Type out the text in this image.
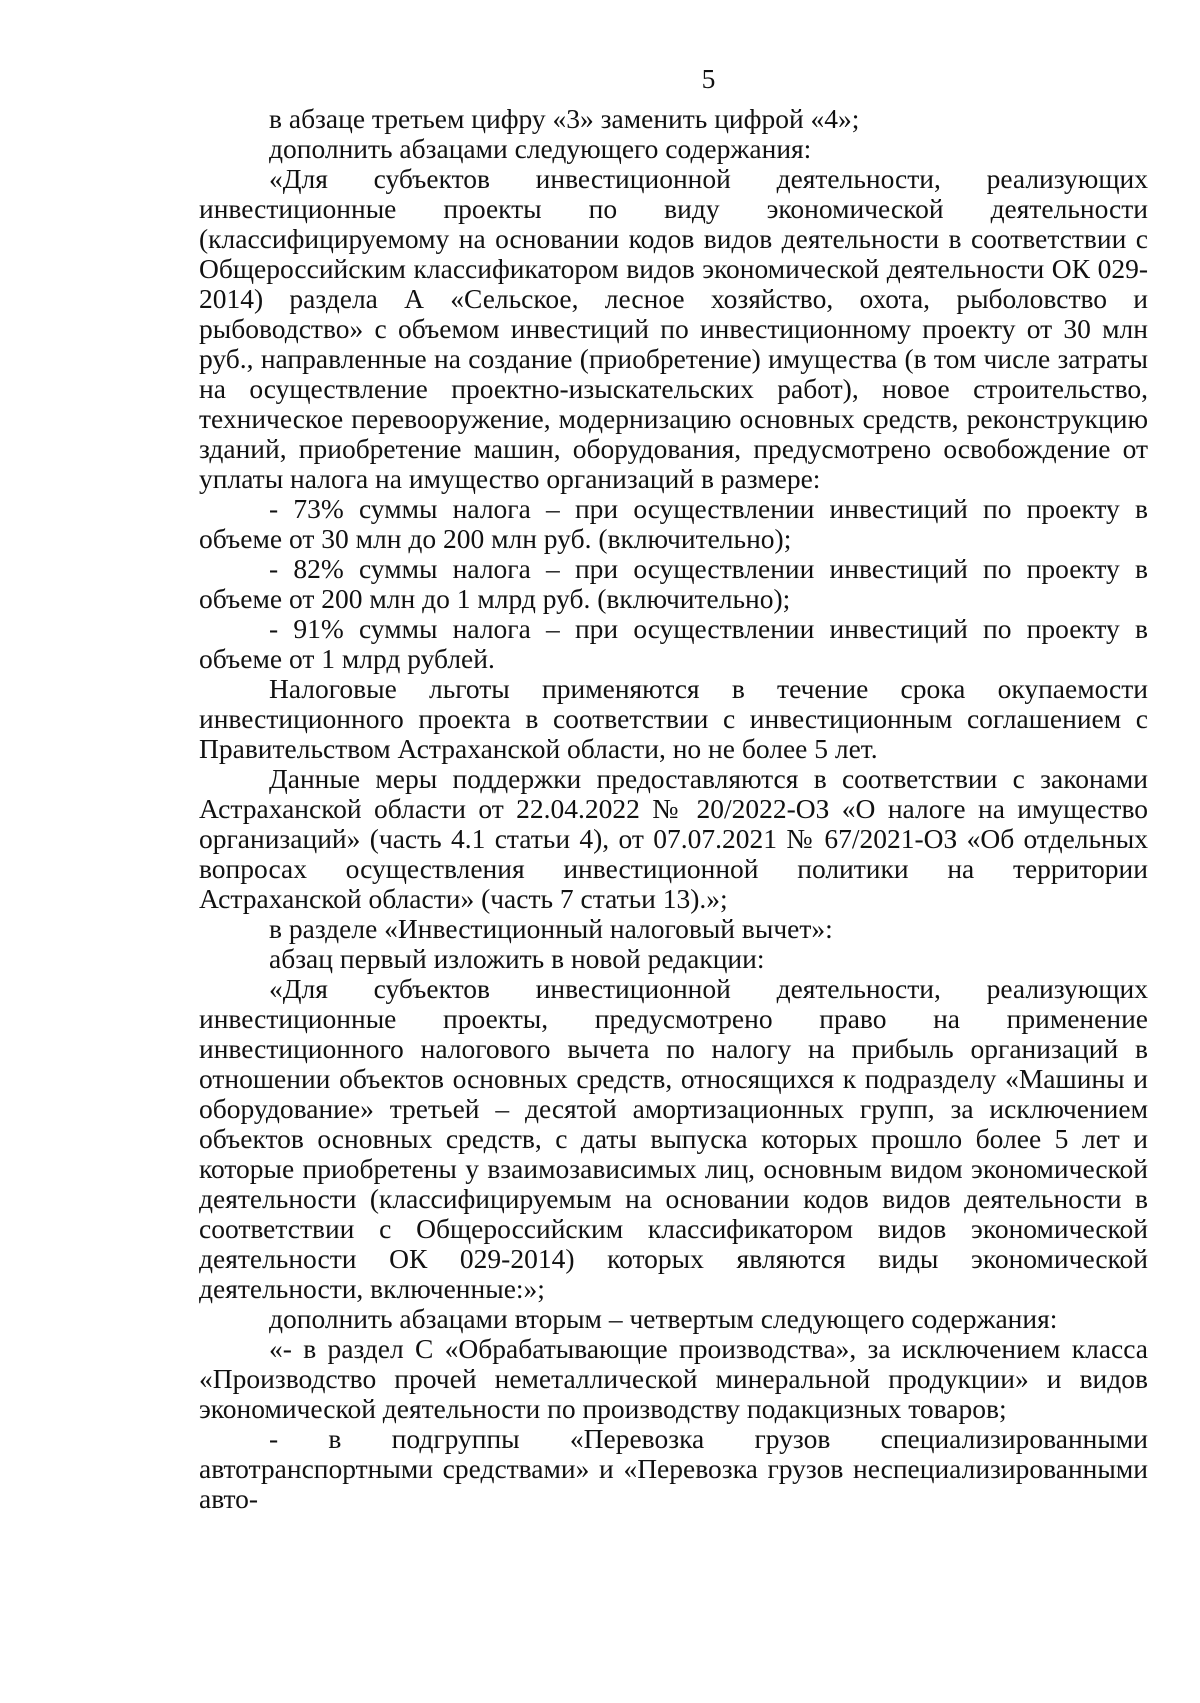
5

в абзаце третьем цифру «3» заменить цифрой «4»;

дополнить абзацами следующего содержания:

«Для субъектов инвестиционной деятельности, реализующих инвестиционные проекты по виду экономической деятельности (классифицируемому на основании кодов видов деятельности в соответствии с Общероссийским классификатором видов экономической деятельности ОК 029-2014) раздела А «Сельское, лесное хозяйство, охота, рыболовство и рыбоводство» с объемом инвестиций по инвестиционному проекту от 30 млн руб., направленные на создание (приобретение) имущества (в том числе затраты на осуществление проектно-изыскательских работ), новое строительство, техническое перевооружение, модернизацию основных средств, реконструкцию зданий, приобретение машин, оборудования, предусмотрено освобождение от уплаты налога на имущество организаций в размере:

- 73% суммы налога – при осуществлении инвестиций по проекту в объеме от 30 млн до 200 млн руб. (включительно);

- 82% суммы налога – при осуществлении инвестиций по проекту в объеме от 200 млн до 1 млрд руб. (включительно);

- 91% суммы налога – при осуществлении инвестиций по проекту в объеме от 1 млрд рублей.

Налоговые льготы применяются в течение срока окупаемости инвестиционного проекта в соответствии с инвестиционным соглашением с Правительством Астраханской области, но не более 5 лет.

Данные меры поддержки предоставляются в соответствии с законами Астраханской области от 22.04.2022 № 20/2022-ОЗ «О налоге на имущество организаций» (часть 4.1 статьи 4), от 07.07.2021 № 67/2021-ОЗ «Об отдельных вопросах осуществления инвестиционной политики на территории Астраханской области» (часть 7 статьи 13).»;

в разделе «Инвестиционный налоговый вычет»:

абзац первый изложить в новой редакции:

«Для субъектов инвестиционной деятельности, реализующих инвестиционные проекты, предусмотрено право на применение инвестиционного налогового вычета по налогу на прибыль организаций в отношении объектов основных средств, относящихся к подразделу «Машины и оборудование» третьей – десятой амортизационных групп, за исключением объектов основных средств, с даты выпуска которых прошло более 5 лет и которые приобретены у взаимозависимых лиц, основным видом экономической деятельности (классифицируемым на основании кодов видов деятельности в соответствии с Общероссийским классификатором видов экономической деятельности ОК 029-2014) которых являются виды экономической деятельности, включенные:»;

дополнить абзацами вторым – четвертым следующего содержания:

«- в раздел С «Обрабатывающие производства», за исключением класса «Производство прочей неметаллической минеральной продукции» и видов экономической деятельности по производству подакцизных товаров;

- в подгруппы «Перевозка грузов специализированными автотранспортными средствами» и «Перевозка грузов неспециализированными авто-
